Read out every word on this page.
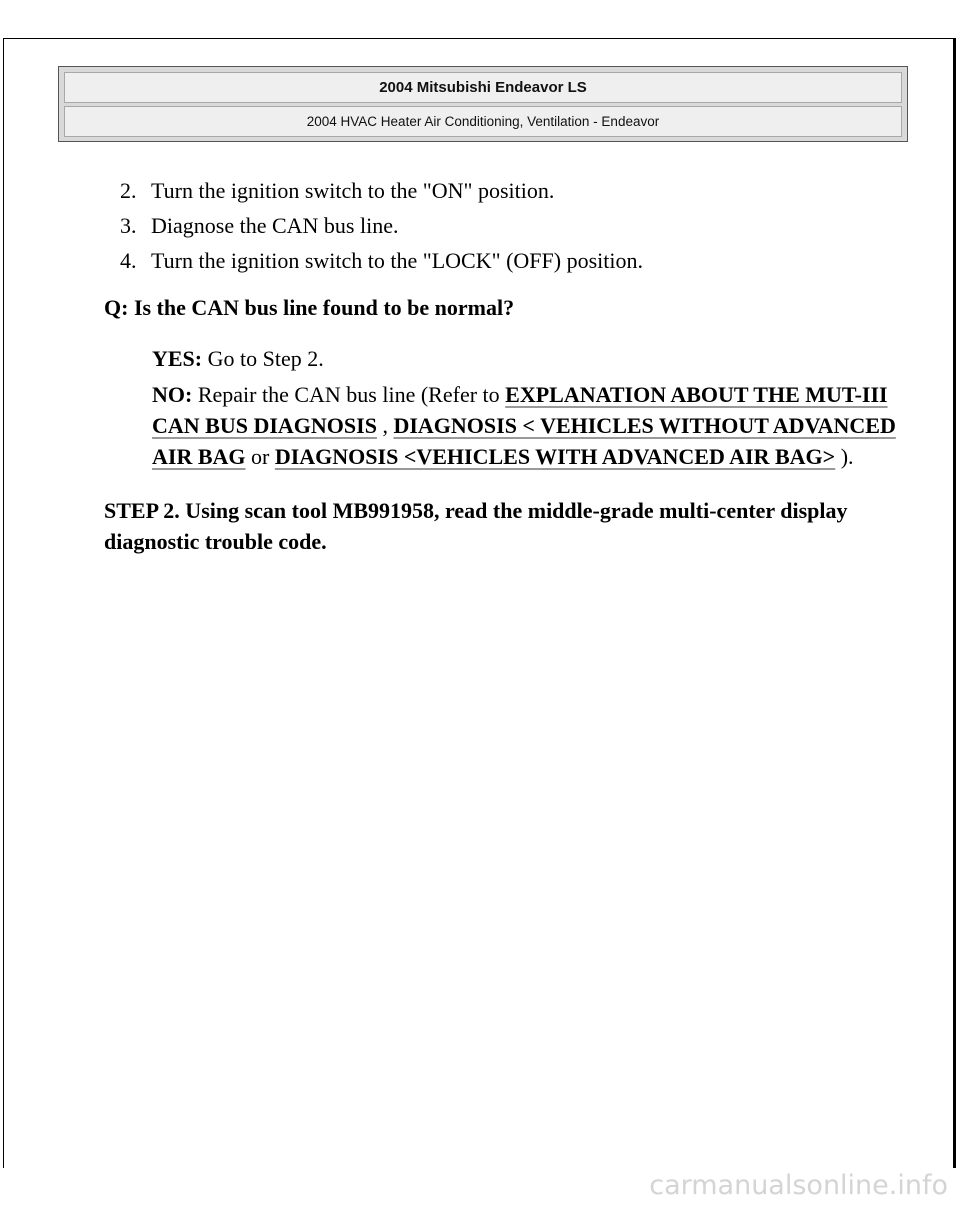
2004 Mitsubishi Endeavor LS
2004 HVAC Heater Air Conditioning, Ventilation - Endeavor
2. Turn the ignition switch to the "ON" position.
3. Diagnose the CAN bus line.
4. Turn the ignition switch to the "LOCK" (OFF) position.
Q: Is the CAN bus line found to be normal?

YES: Go to Step 2.

NO: Repair the CAN bus line (Refer to EXPLANATION ABOUT THE MUT-III CAN BUS DIAGNOSIS , DIAGNOSIS < VEHICLES WITHOUT ADVANCED AIR BAG or DIAGNOSIS <VEHICLES WITH ADVANCED AIR BAG> ).

STEP 2. Using scan tool MB991958, read the middle-grade multi-center display diagnostic trouble code.
carmanualsonline.info
